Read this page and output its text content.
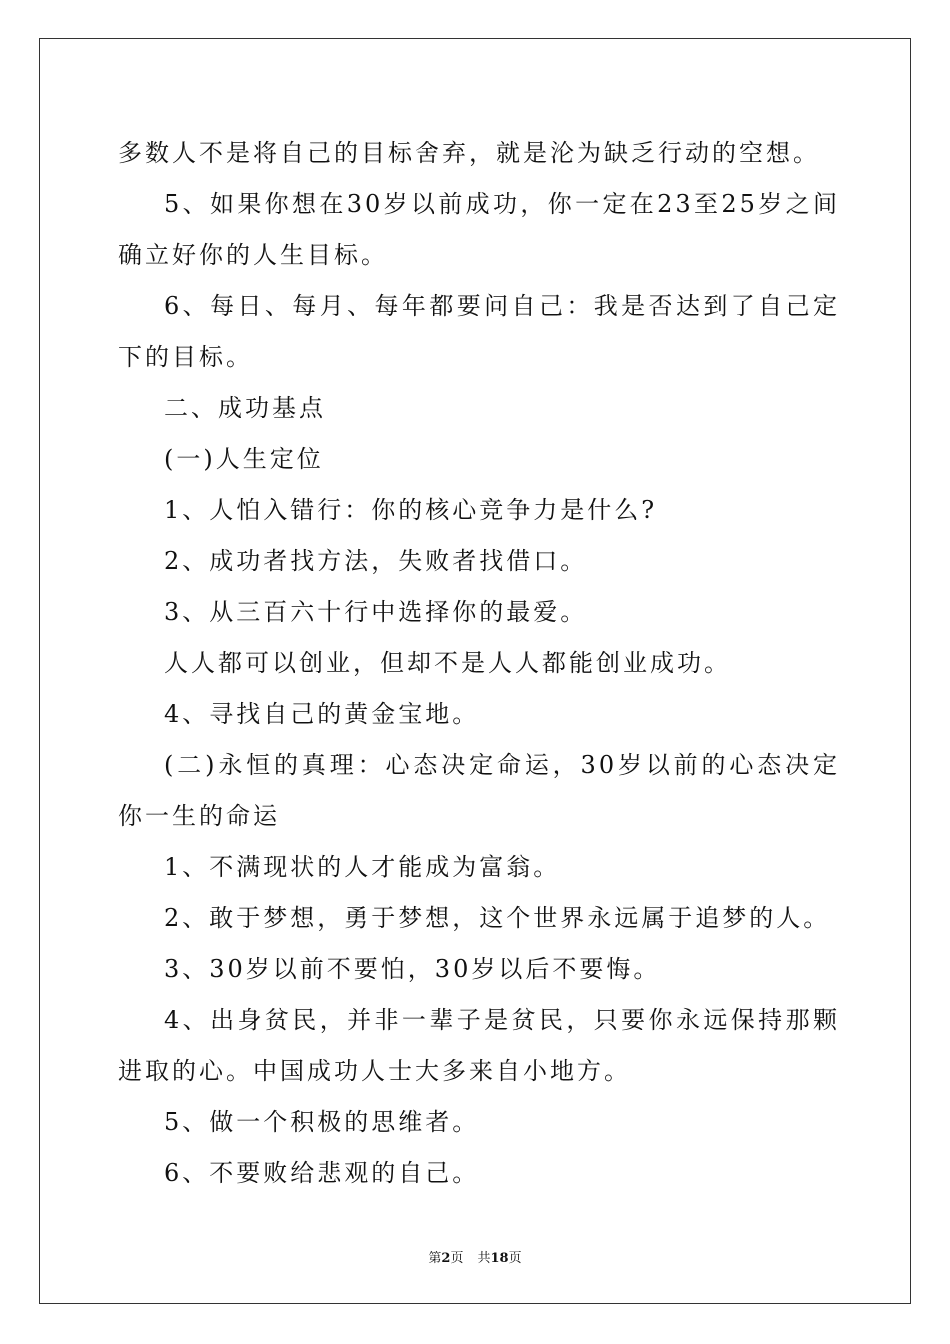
多数人不是将自己的目标舍弃，就是沦为缺乏行动的空想。

5、如果你想在30岁以前成功，你一定在23至25岁之间确立好你的人生目标。

6、每日、每月、每年都要问自己：我是否达到了自己定下的目标。

二、成功基点

(一)人生定位

1、人怕入错行：你的核心竞争力是什么?

2、成功者找方法，失败者找借口。

3、从三百六十行中选择你的最爱。

人人都可以创业，但却不是人人都能创业成功。

4、寻找自己的黄金宝地。

(二)永恒的真理：心态决定命运，30岁以前的心态决定你一生的命运

1、不满现状的人才能成为富翁。

2、敢于梦想，勇于梦想，这个世界永远属于追梦的人。

3、30岁以前不要怕，30岁以后不要悔。

4、出身贫民，并非一辈子是贫民，只要你永远保持那颗进取的心。中国成功人士大多来自小地方。

5、做一个积极的思维者。

6、不要败给悲观的自己。

第2页 共18页
